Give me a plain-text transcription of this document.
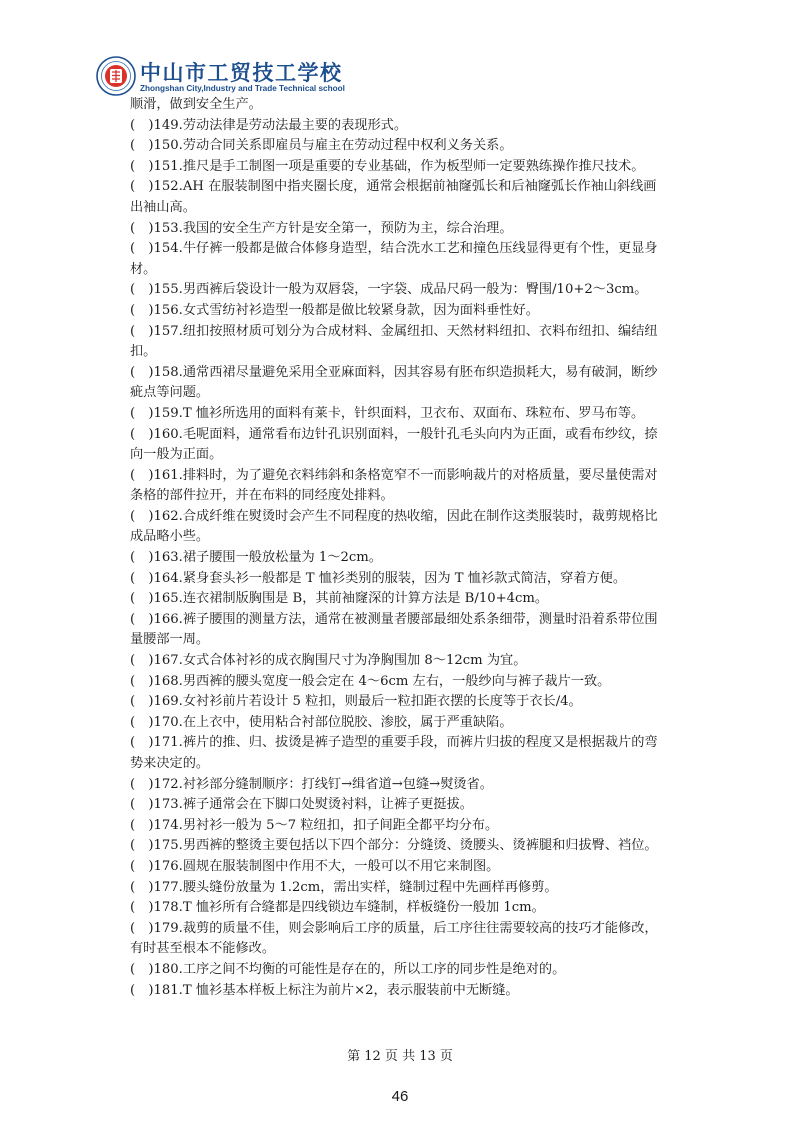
中山市工贸技工学校
Zhongshan City,Industry and Trade Technical school

顺滑，做到安全生产。

( )149.劳动法律是劳动法最主要的表现形式。

( )150.劳动合同关系即雇员与雇主在劳动过程中权利义务关系。

( )151.推尺是手工制图一项是重要的专业基础，作为板型师一定要熟练操作推尺技术。

( )152.AH 在服装制图中指夹圈长度，通常会根据前袖窿弧长和后袖窿弧长作袖山斜线画

出袖山高。

( )153.我国的安全生产方针是安全第一，预防为主，综合治理。

( )154.牛仔裤一般都是做合体修身造型，结合洗水工艺和撞色压线显得更有个性，更显身

材。

( )155.男西裤后袋设计一般为双唇袋，一字袋、成品尺码一般为：臀围/10+2～3cm。

( )156.女式雪纺衬衫造型一般都是做比较紧身款，因为面料垂性好。

( )157.纽扣按照材质可划分为合成材料、金属纽扣、天然材料纽扣、衣料布纽扣、编结纽

扣。

( )158.通常西裙尽量避免采用全亚麻面料，因其容易有胚布织造损耗大，易有破洞，断纱

疵点等问题。

( )159.T 恤衫所选用的面料有莱卡，针织面料，卫衣布、双面布、珠粒布、罗马布等。

( )160.毛呢面料，通常看布边针孔识别面料，一般针孔毛头向内为正面，或看布纱纹，捺

向一般为正面。

( )161.排料时，为了避免衣料纬斜和条格宽窄不一而影响裁片的对格质量，要尽量使需对

条格的部件拉开，并在布料的同经度处排料。

( )162.合成纤维在熨烫时会产生不同程度的热收缩，因此在制作这类服装时，裁剪规格比

成品略小些。

( )163.裙子腰围一般放松量为 1～2cm。

( )164.紧身套头衫一般都是 T 恤衫类别的服装，因为 T 恤衫款式简洁，穿着方便。

( )165.连衣裙制版胸围是 B，其前袖窿深的计算方法是 B/10+4cm。

( )166.裤子腰围的测量方法，通常在被测量者腰部最细处系条细带，测量时沿着系带位围

量腰部一周。

( )167.女式合体衬衫的成衣胸围尺寸为净胸围加 8～12cm 为宜。

( )168.男西裤的腰头宽度一般会定在 4～6cm 左右，一般纱向与裤子裁片一致。

( )169.女衬衫前片若设计 5 粒扣，则最后一粒扣距衣摆的长度等于衣长/4。

( )170.在上衣中，使用粘合衬部位脱胶、渗胶，属于严重缺陷。

( )171.裤片的推、归、拔烫是裤子造型的重要手段，而裤片归拔的程度又是根据裁片的弯

势来决定的。

( )172.衬衫部分缝制顺序：打线钉→缉省道→包缝→熨烫省。

( )173.裤子通常会在下脚口处熨烫衬料，让裤子更挺拔。

( )174.男衬衫一般为 5～7 粒纽扣，扣子间距全都平均分布。

( )175.男西裤的整烫主要包括以下四个部分：分缝烫、烫腰头、烫裤腿和归拔臀、裆位。

( )176.圆规在服装制图中作用不大，一般可以不用它来制图。

( )177.腰头缝份放量为 1.2cm，需出实样，缝制过程中先画样再修剪。

( )178.T 恤衫所有合缝都是四线锁边车缝制，样板缝份一般加 1cm。

( )179.裁剪的质量不佳，则会影响后工序的质量，后工序往往需要较高的技巧才能修改，

有时甚至根本不能修改。

( )180.工序之间不均衡的可能性是存在的，所以工序的同步性是绝对的。

( )181.T 恤衫基本样板上标注为前片×2，表示服装前中无断缝。

第 12 页 共 13 页
46
